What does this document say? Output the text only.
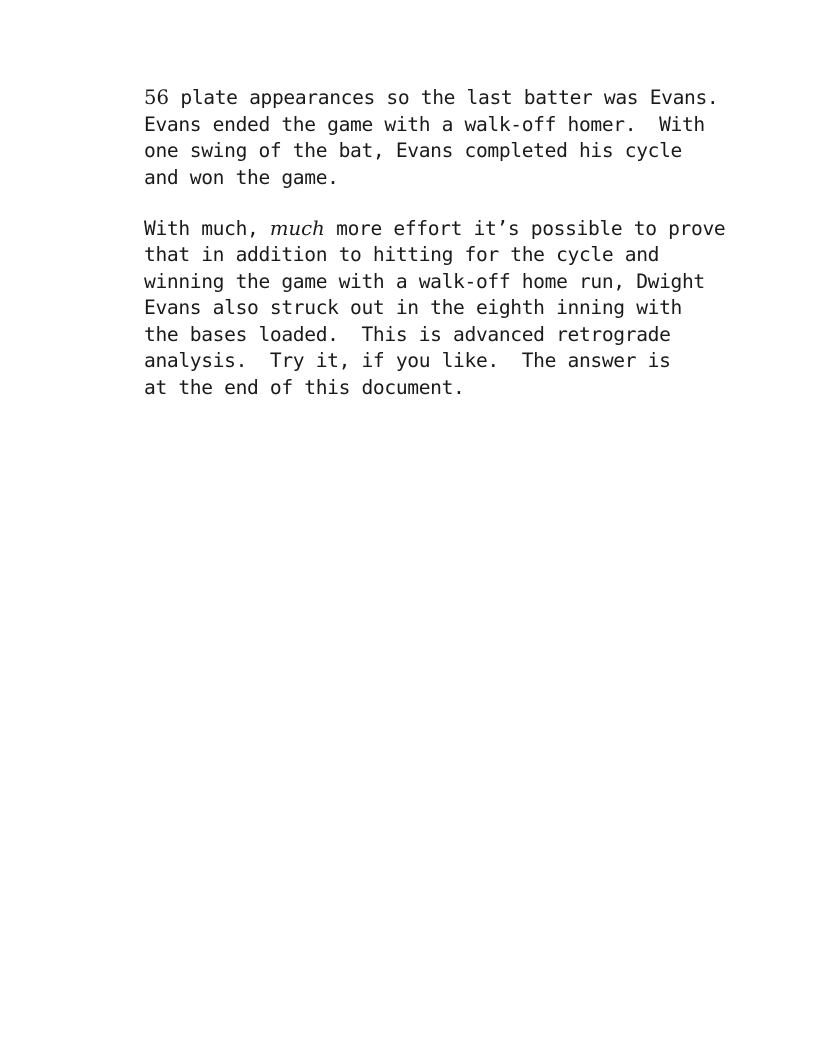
56 plate appearances so the last batter was Evans.
Evans ended the game with a walk-off homer.  With
one swing of the bat, Evans completed his cycle
and won the game.

With much, much more effort it’s possible to prove
that in addition to hitting for the cycle and
winning the game with a walk-off home run, Dwight
Evans also struck out in the eighth inning with
the bases loaded.  This is advanced retrograde
analysis.  Try it, if you like.  The answer is
at the end of this document.
